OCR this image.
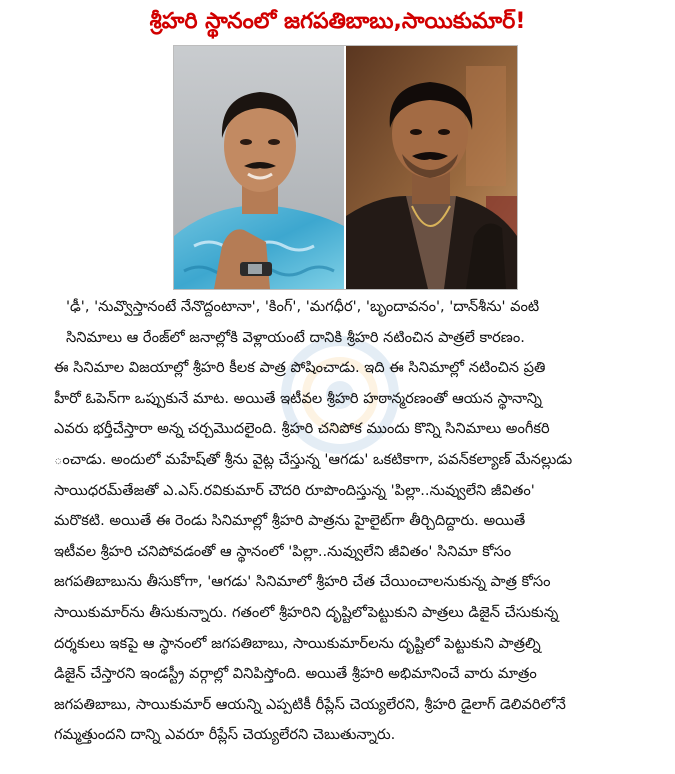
శ్రీహరి స్థానంలో జగపతిబాబు,సాయికుమార్!
'ఢీ', 'నువ్వొస్తానంటే నేనొద్దంటానా', 'కింగ్', 'మగధీర', 'బృందావనం', 'దాన్‌శీను' వంటి
సినిమాలు ఆ రేంజ్‌లో జనాల్లోకి వెళ్లాయంటే దానికి శ్రీహరి నటించిన పాత్రలే కారణం.
ఈ సినిమాల విజయాల్లో శ్రీహరి కీలక పాత్ర పోషించాడు. ఇది ఈ సినిమాల్లో నటించిన ప్రతి
హీరో ఓపెన్‌గా ఒప్పుకునే మాట. అయితే ఇటీవల శ్రీహరి హఠాన్మరణంతో ఆయన స్థానాన్ని
ఎవరు భర్తీచేస్తారా అన్న చర్చమొదలైంది. శ్రీహరి చనిపోక ముందు కొన్ని సినిమాలు అంగీకరి
ంచాడు. అందులో మహేష్‌తో శ్రీను వైట్ల చేస్తున్న 'ఆగడు' ఒకటికాగా, పవన్‌కల్యాణ్ మేనల్లుడు
సాయిధరమ్‌తేజతో ఎ.ఎస్.రవికుమార్ చౌదరి రూపొందిస్తున్న 'పిల్లా..నువ్వులేని జీవితం'
మరొకటి. అయితే ఈ రెండు సినిమాల్లో శ్రీహరి పాత్రను హైలైట్‌గా తీర్చిదిద్దారు. అయితే
ఇటీవల శ్రీహరి చనిపోవడంతో ఆ స్థానంలో 'పిల్లా..నువ్వులేని జీవితం' సినిమా కోసం
జగపతిబాబును తీసుకోగా, 'ఆగడు' సినిమాలో శ్రీహరి చేత చేయించాలనుకున్న పాత్ర కోసం
సాయికుమార్‌ను తీసుకున్నారు. గతంలో శ్రీహరిని దృష్టిలోపెట్టుకుని పాత్రలు డిజైన్ చేసుకున్న
దర్శకులు ఇకపై ఆ స్థానంలో జగపతిబాబు, సాయికుమార్‌లను దృష్టిలో పెట్టుకుని పాత్రల్ని
డిజైన్ చేస్తారని ఇండస్ట్రీ వర్గాల్లో వినిపిస్తోంది. అయితే శ్రీహరి అభిమానించే వారు మాత్రం
జగపతిబాబు, సాయికుమార్ ఆయన్ని ఎప్పటికీ రీప్లేస్ చెయ్యలేరని, శ్రీహరి డైలాగ్ డెలివరిలోనే
గమ్మత్తుందని దాన్ని ఎవరూ రీప్లేస్ చెయ్యలేరని చెబుతున్నారు.
